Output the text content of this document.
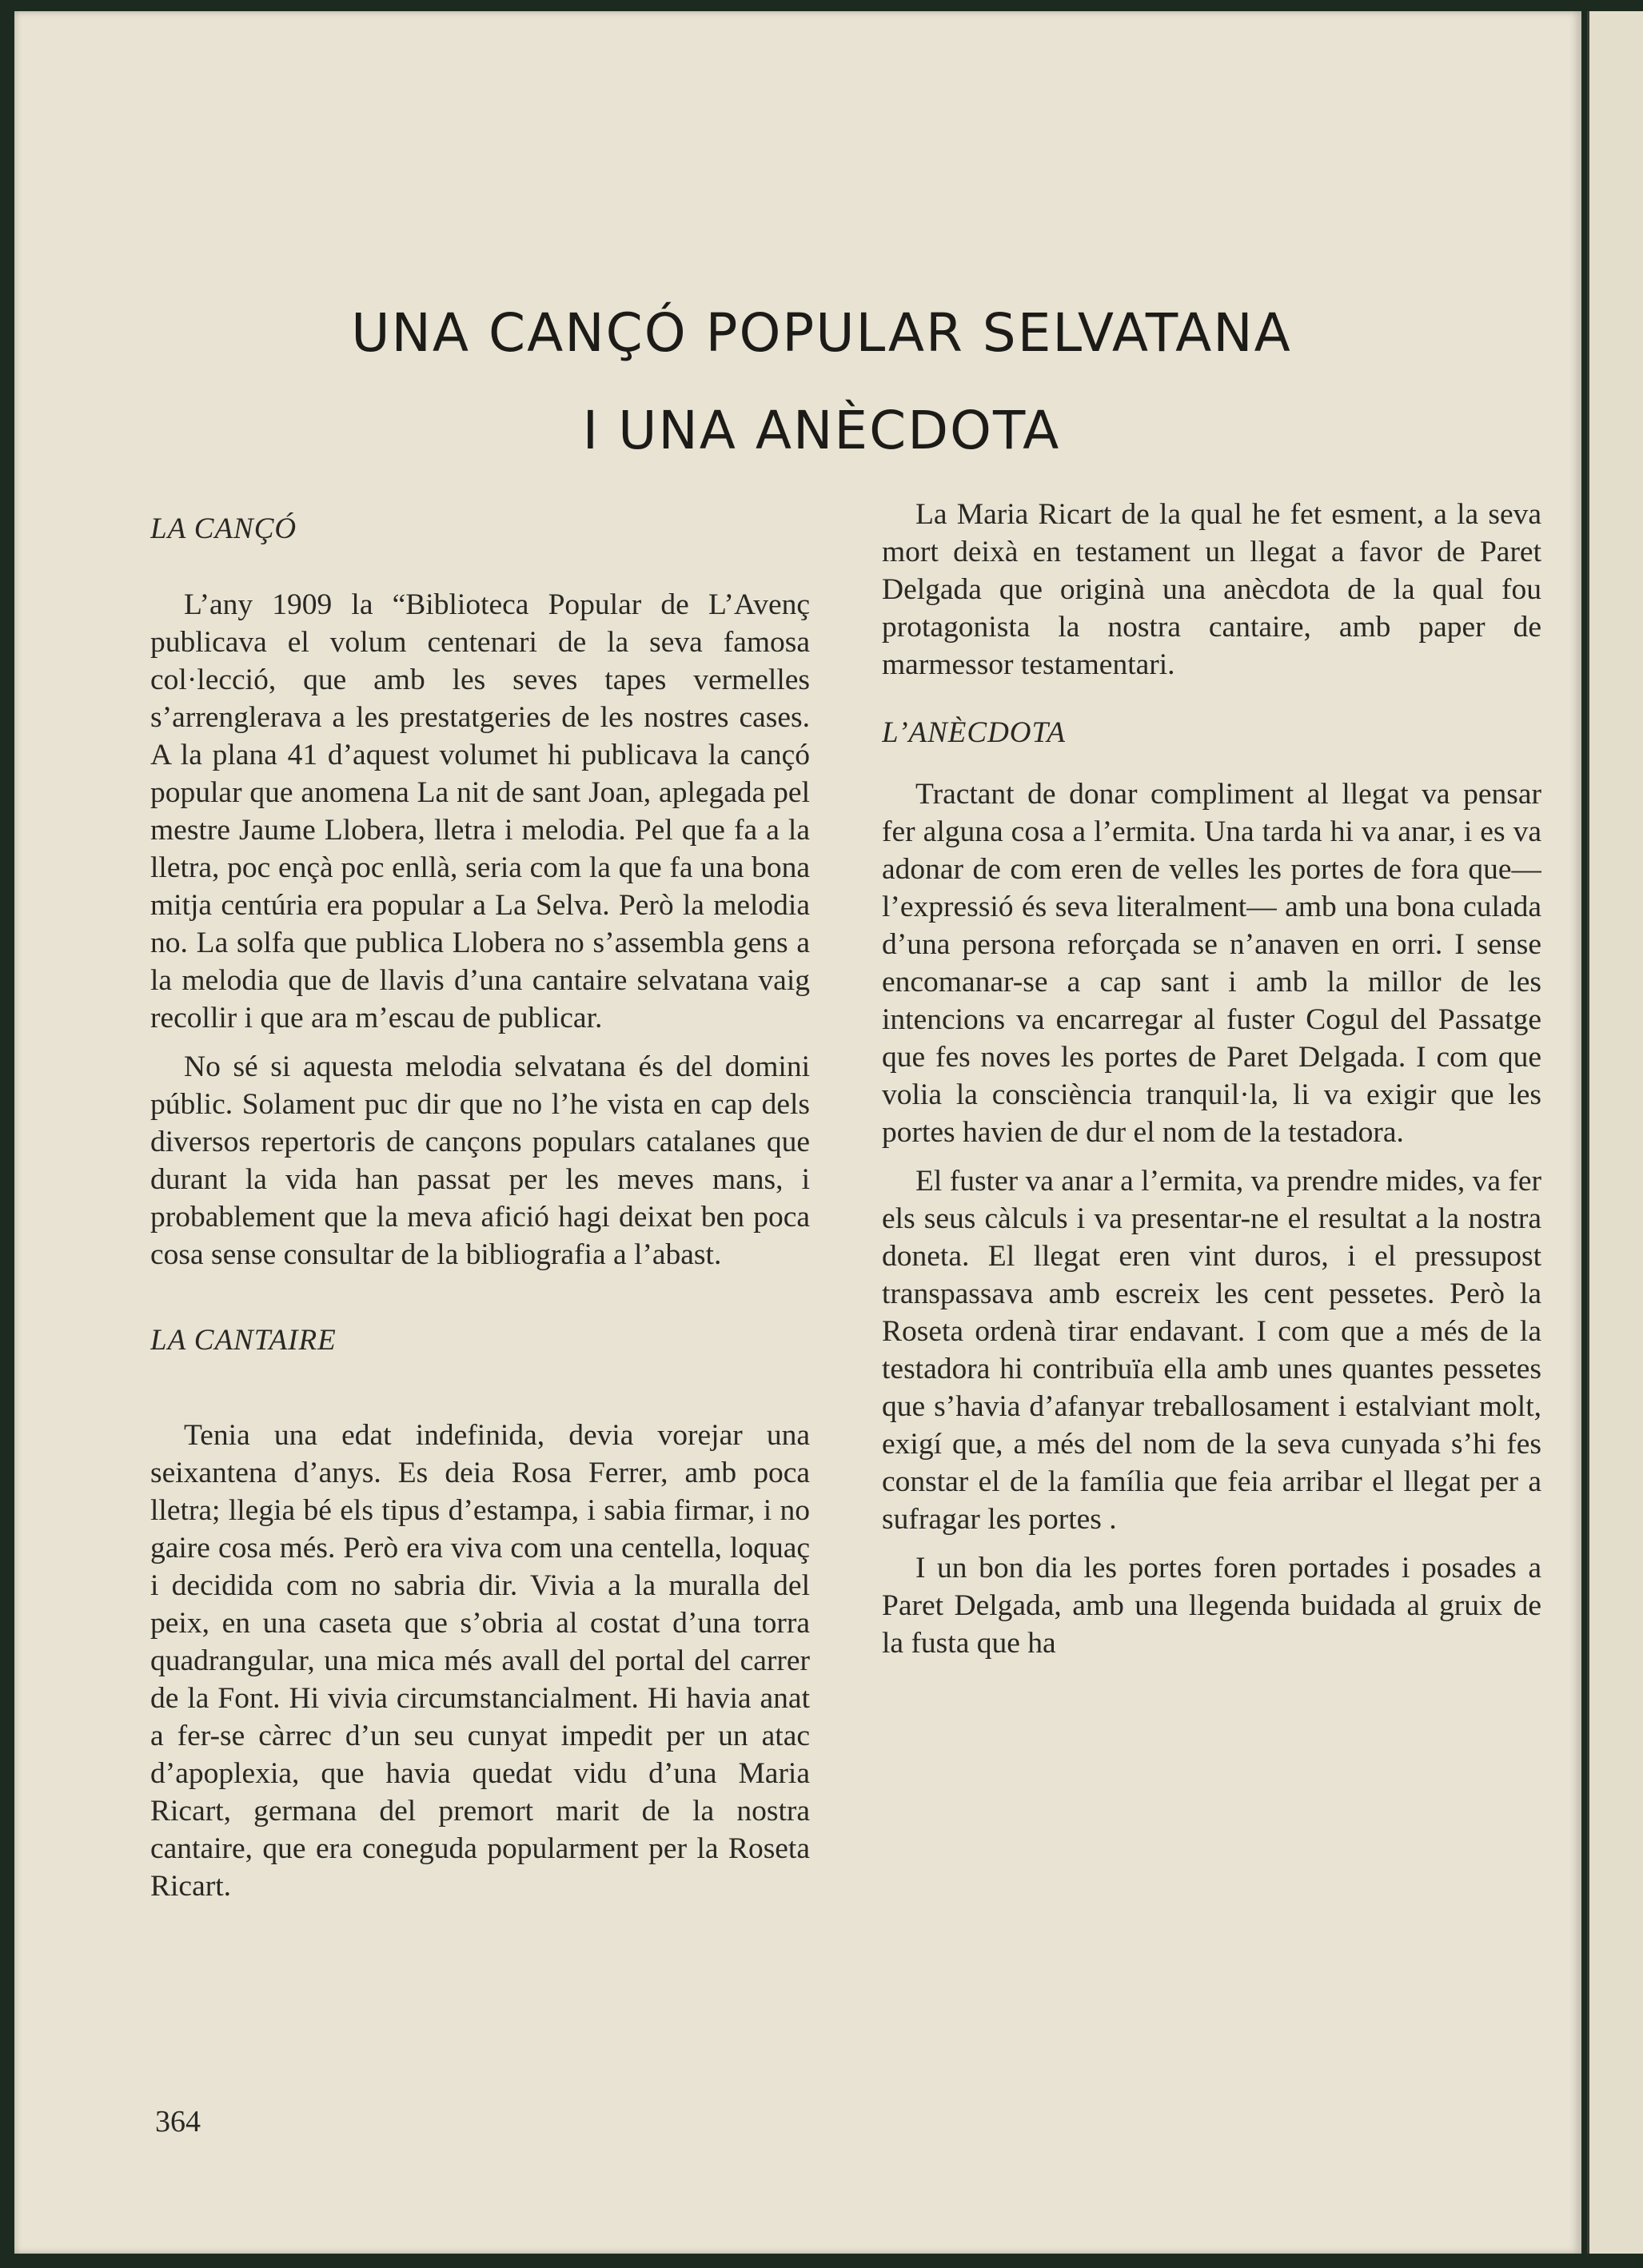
UNA CANÇÓ POPULAR SELVATANA
I UNA ANÈCDOTA
LA CANÇÓ

L’any 1909 la “Biblioteca Popular de L’Avenç publicava el volum centenari de la seva famosa col·lecció, que amb les seves tapes vermelles s’arrenglerava a les prestatgeries de les nostres cases. A la plana 41 d’aquest volumet hi publicava la cançó popular que anomena La nit de sant Joan, aplegada pel mestre Jaume Llobera, lletra i melodia. Pel que fa a la lletra, poc ençà poc enllà, seria com la que fa una bona mitja centúria era popular a La Selva. Però la melodia no. La solfa que publica Llobera no s’assembla gens a la melodia que de llavis d’una cantaire selvatana vaig recollir i que ara m’escau de publicar.

No sé si aquesta melodia selvatana és del domini públic. Solament puc dir que no l’he vista en cap dels diversos repertoris de cançons populars catalanes que durant la vida han passat per les meves mans, i probablement que la meva afició hagi deixat ben poca cosa sense consultar de la bibliografia a l’abast.

LA CANTAIRE

Tenia una edat indefinida, devia vorejar una seixantena d’anys. Es deia Rosa Ferrer, amb poca lletra; llegia bé els tipus d’estampa, i sabia firmar, i no gaire cosa més. Però era viva com una centella, loquaç i decidida com no sabria dir. Vivia a la muralla del peix, en una caseta que s’obria al costat d’una torra quadrangular, una mica més avall del portal del carrer de la Font. Hi vivia circumstancialment. Hi havia anat a fer-se càrrec d’un seu cunyat impedit per un atac d’apoplexia, que havia quedat vidu d’una Maria Ricart, germana del premort marit de la nostra cantaire, que era coneguda popularment per la Roseta Ricart.

La Maria Ricart de la qual he fet esment, a la seva mort deixà en testament un llegat a favor de Paret Delgada que originà una anècdota de la qual fou protagonista la nostra cantaire, amb paper de marmessor testamentari.

L’ANÈCDOTA

Tractant de donar compliment al llegat va pensar fer alguna cosa a l’ermita. Una tarda hi va anar, i es va adonar de com eren de velles les portes de fora que—l’expressió és seva literalment— amb una bona culada d’una persona reforçada se n’anaven en orri. I sense encomanar-se a cap sant i amb la millor de les intencions va encarregar al fuster Cogul del Passatge que fes noves les portes de Paret Delgada. I com que volia la consciència tranquil·la, li va exigir que les portes havien de dur el nom de la testadora.

El fuster va anar a l’ermita, va prendre mides, va fer els seus càlculs i va presentar-ne el resultat a la nostra doneta. El llegat eren vint duros, i el pressupost transpassava amb escreix les cent pessetes. Però la Roseta ordenà tirar endavant. I com que a més de la testadora hi contribuïa ella amb unes quantes pessetes que s’havia d’afanyar treballosament i estalviant molt, exigí que, a més del nom de la seva cunyada s’hi fes constar el de la família que feia arribar el llegat per a sufragar les portes .

I un bon dia les portes foren portades i posades a Paret Delgada, amb una llegenda buidada al gruix de la fusta que ha

364
